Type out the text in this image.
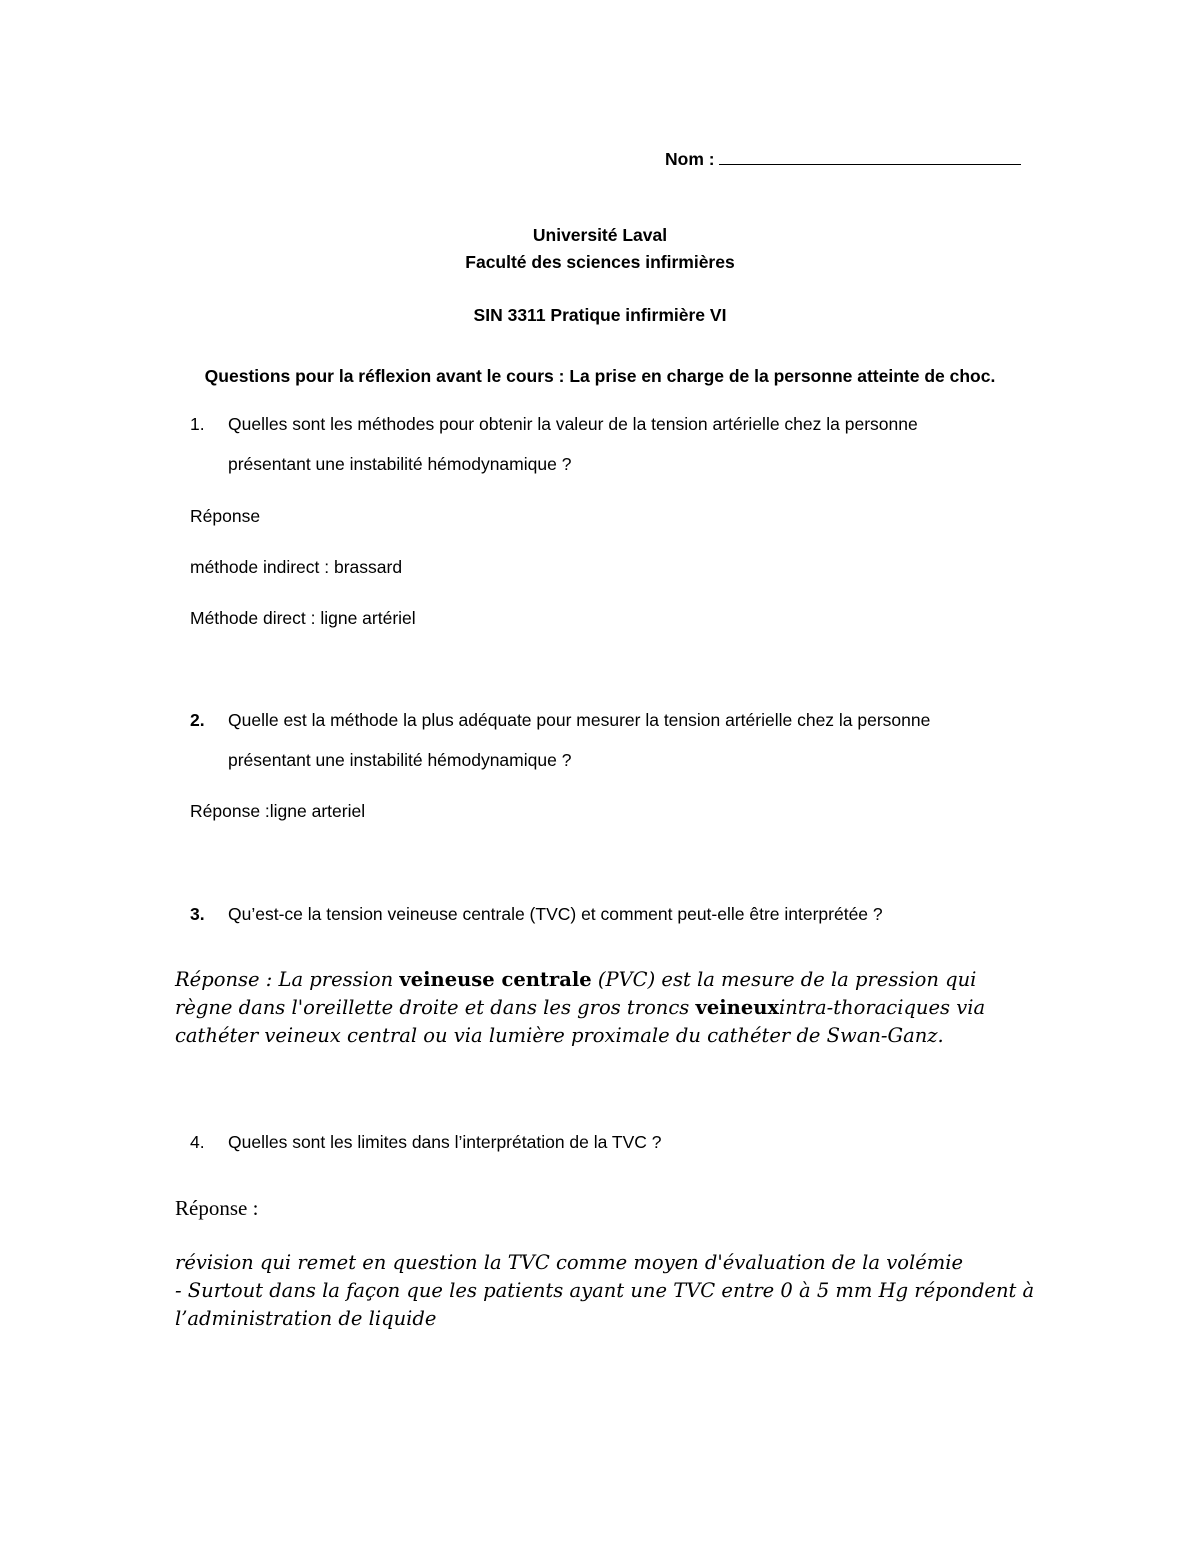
Nom :
Université Laval
Faculté des sciences infirmières
SIN 3311 Pratique infirmière VI
Questions pour la réflexion avant le cours : La prise en charge de la personne atteinte de choc.
1. Quelles sont les méthodes pour obtenir la valeur de la tension artérielle chez la personne
présentant une instabilité hémodynamique ?
Réponse
méthode indirect : brassard
Méthode direct : ligne artériel
2. Quelle est la méthode la plus adéquate pour mesurer la tension artérielle chez la personne
présentant une instabilité hémodynamique ?
Réponse :ligne arteriel
3. Qu’est-ce la tension veineuse centrale (TVC) et comment peut-elle être interprétée ?
Réponse : La pression veineuse centrale (PVC) est la mesure de la pression qui règne dans l'oreillette droite et dans les gros troncs veineuxintra-thoraciques via cathéter veineux central ou via lumière proximale du cathéter de Swan-Ganz.
4. Quelles sont les limites dans l’interprétation de la TVC ?
Réponse :
révision qui remet en question la TVC comme moyen d'évaluation de la volémie
- Surtout dans la façon que les patients ayant une TVC entre 0 à 5 mm Hg répondent à
l’administration de liquide
